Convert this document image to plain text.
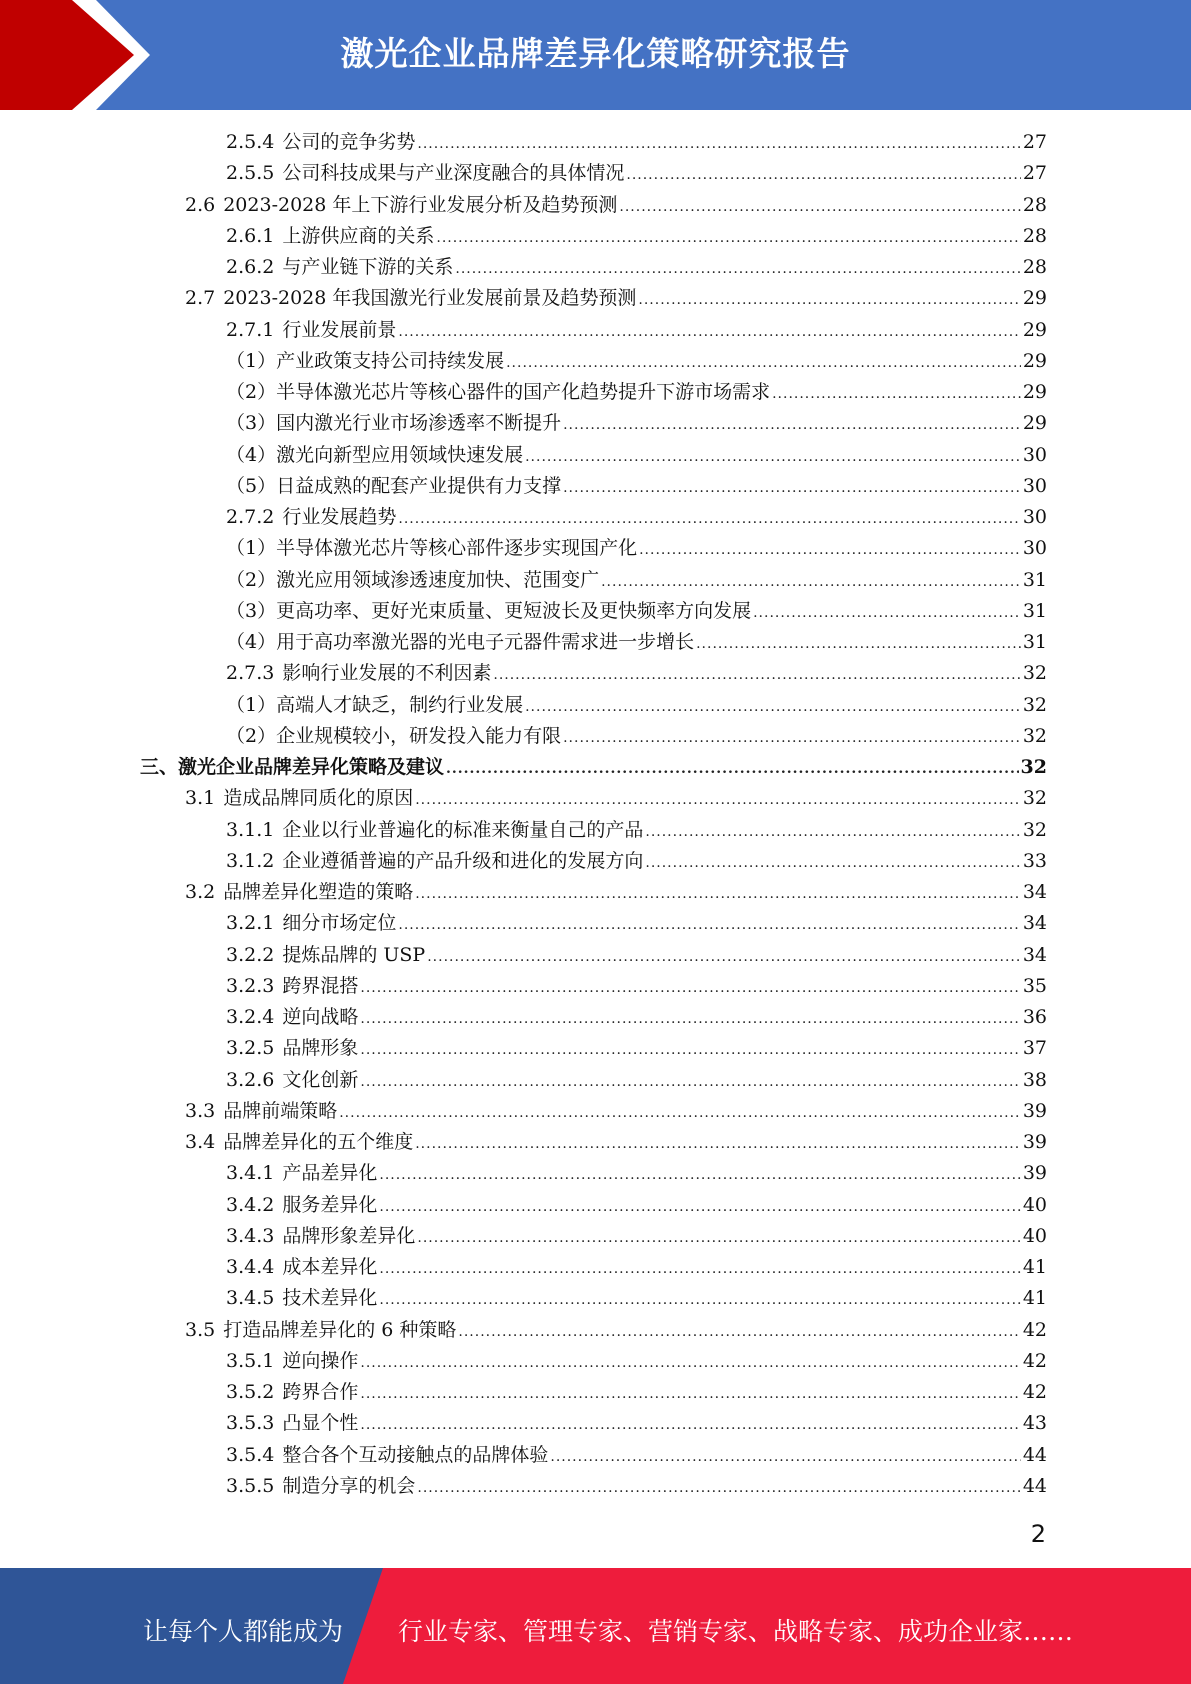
激光企业品牌差异化策略研究报告
2.5.4 公司的竞争劣势 .....	27
2.5.5 公司科技成果与产业深度融合的具体情况 .....	27
2.6 2023-2028 年上下游行业发展分析及趋势预测 .....	28
2.6.1 上游供应商的关系 .....	28
2.6.2 与产业链下游的关系 .....	28
2.7 2023-2028 年我国激光行业发展前景及趋势预测 .....	29
2.7.1 行业发展前景 .....	29
（1） 产业政策支持公司持续发展 .....	29
（2） 半导体激光芯片等核心器件的国产化趋势提升下游市场需求 .....	29
（3） 国内激光行业市场渗透率不断提升 .....	29
（4） 激光向新型应用领域快速发展 .....	30
（5） 日益成熟的配套产业提供有力支撑 .....	30
2.7.2 行业发展趋势 .....	30
（1） 半导体激光芯片等核心部件逐步实现国产化 .....	30
（2） 激光应用领域渗透速度加快、范围变广 .....	31
（3） 更高功率、更好光束质量、更短波长及更快频率方向发展 .....	31
（4） 用于高功率激光器的光电子元器件需求进一步增长 .....	31
2.7.3 影响行业发展的不利因素 .....	32
（1） 高端人才缺乏，制约行业发展 .....	32
（2） 企业规模较小，研发投入能力有限 .....	32
三、 激光企业品牌差异化策略及建议 .....	32
3.1 造成品牌同质化的原因 .....	32
3.1.1 企业以行业普遍化的标准来衡量自己的产品 .....	32
3.1.2 企业遵循普遍的产品升级和进化的发展方向 .....	33
3.2 品牌差异化塑造的策略 .....	34
3.2.1 细分市场定位 .....	34
3.2.2 提炼品牌的 USP .....	34
3.2.3 跨界混搭 .....	35
3.2.4 逆向战略 .....	36
3.2.5 品牌形象 .....	37
3.2.6 文化创新 .....	38
3.3 品牌前端策略 .....	39
3.4 品牌差异化的五个维度 .....	39
3.4.1 产品差异化 .....	39
3.4.2 服务差异化 .....	40
3.4.3 品牌形象差异化 .....	40
3.4.4 成本差异化 .....	41
3.4.5 技术差异化 .....	41
3.5 打造品牌差异化的 6 种策略 .....	42
3.5.1 逆向操作 .....	42
3.5.2 跨界合作 .....	42
3.5.3 凸显个性 .....	43
3.5.4 整合各个互动接触点的品牌体验 .....	44
3.5.5 制造分享的机会 .....	44
2
让每个人都能成为 行业专家、管理专家、营销专家、战略专家、成功企业家……
